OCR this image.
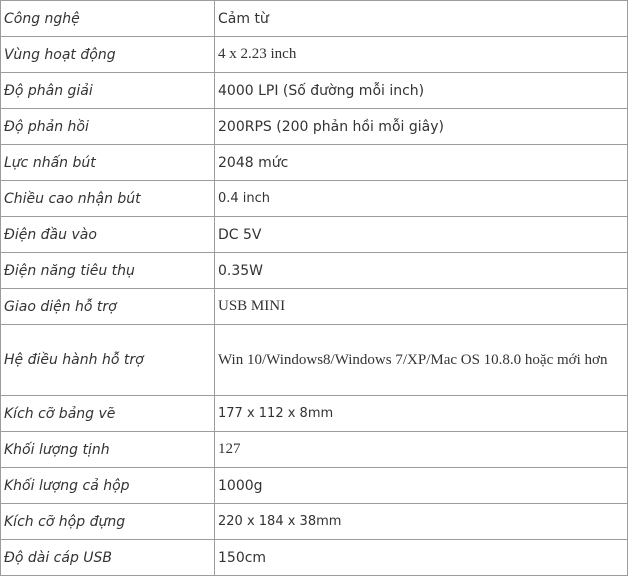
Công nghệ	Cảm từ
Vùng hoạt động	4 x 2.23 inch
Độ phân giải	4000 LPI (Số đường mỗi inch)
Độ phản hồi	200RPS (200 phản hồi mỗi giây)
Lực nhấn bút	2048 mức
Chiều cao nhận bút	0.4 inch
Điện đầu vào	DC 5V
Điện năng tiêu thụ	0.35W
Giao diện hỗ trợ	USB MINI
Hệ điều hành hỗ trợ	Win 10/Windows8/Windows 7/XP/Mac OS 10.8.0 hoặc mới hơn
Kích cỡ bảng vẽ	177 x 112 x 8mm
Khối lượng tịnh	127
Khối lượng cả hộp	1000g
Kích cỡ hộp đựng	220 x 184 x 38mm
Độ dài cáp USB	150cm
